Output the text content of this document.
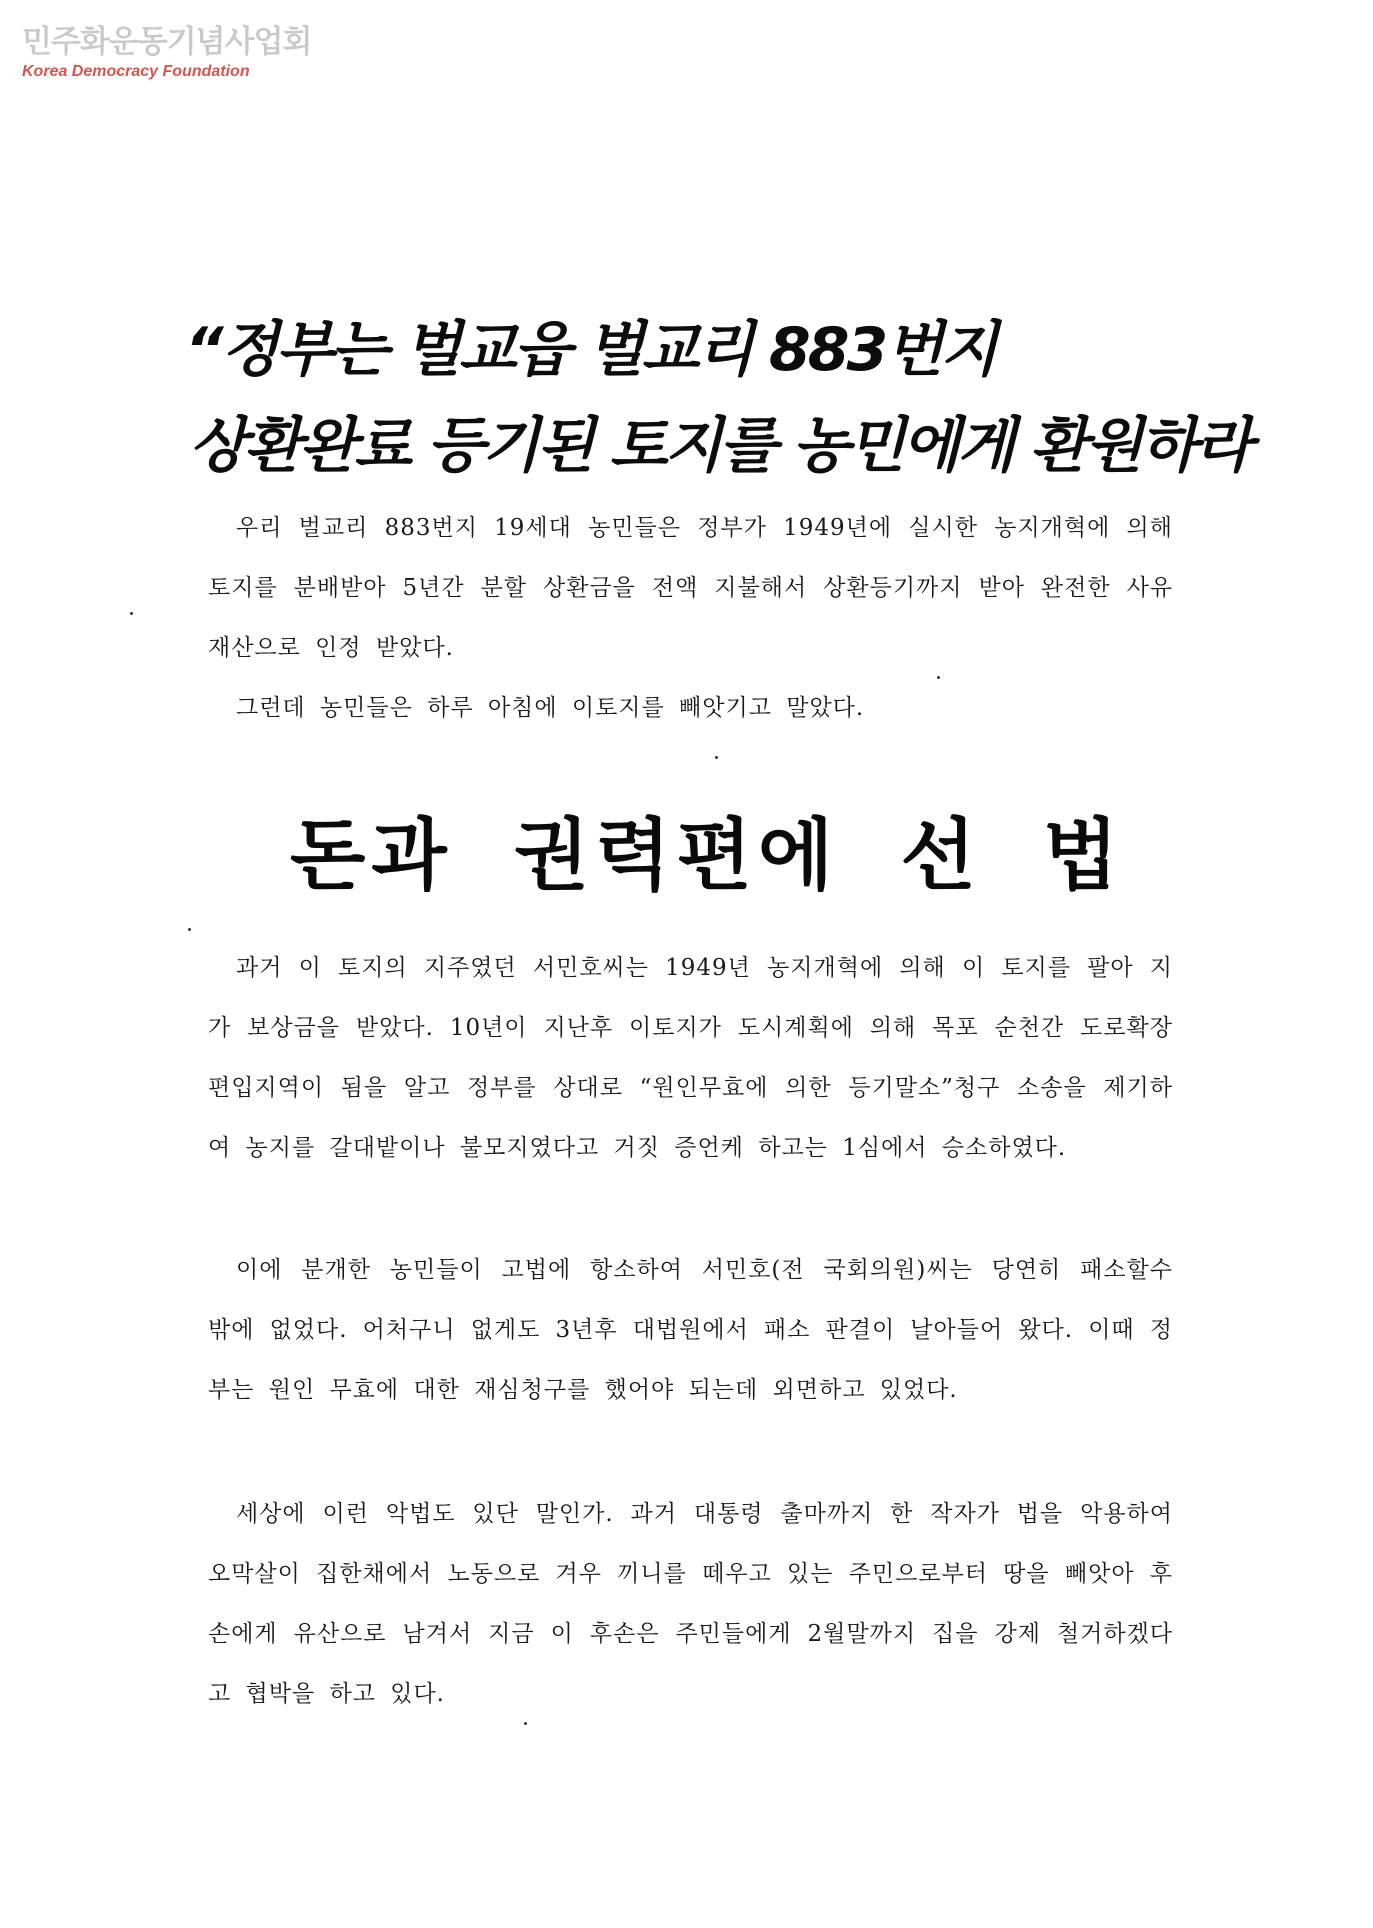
민주화운동기념사업회
Korea Democracy Foundation
“정부는 벌교읍 벌교리 883번지
상환완료 등기된 토지를 농민에게 환원하라
우리 벌교리 883번지 19세대 농민들은 정부가 1949년에 실시한 농지개혁에 의해 토지를 분배받아 5년간 분할 상환금을 전액 지불해서 상환등기까지 받아 완전한 사유재산으로 인정 받았다.
그런데 농민들은 하루 아침에 이토지를 빼앗기고 말았다.
돈과 권력편에 선 법
과거 이 토지의 지주였던 서민호씨는 1949년 농지개혁에 의해 이 토지를 팔아 지가 보상금을 받았다. 10년이 지난후 이토지가 도시계획에 의해 목포 순천간 도로확장 편입지역이 됨을 알고 정부를 상대로 “원인무효에 의한 등기말소”청구 소송을 제기하여 농지를 갈대밭이나 불모지였다고 거짓 증언케 하고는 1심에서 승소하였다.
이에 분개한 농민들이 고법에 항소하여 서민호(전 국회의원)씨는 당연히 패소할수 밖에 없었다. 어처구니 없게도 3년후 대법원에서 패소 판결이 날아들어 왔다. 이때 정부는 원인 무효에 대한 재심청구를 했어야 되는데 외면하고 있었다.
세상에 이런 악법도 있단 말인가. 과거 대통령 출마까지 한 작자가 법을 악용하여 오막살이 집한채에서 노동으로 겨우 끼니를 떼우고 있는 주민으로부터 땅을 빼앗아 후손에게 유산으로 남겨서 지금 이 후손은 주민들에게 2월말까지 집을 강제 철거하겠다고 협박을 하고 있다.
